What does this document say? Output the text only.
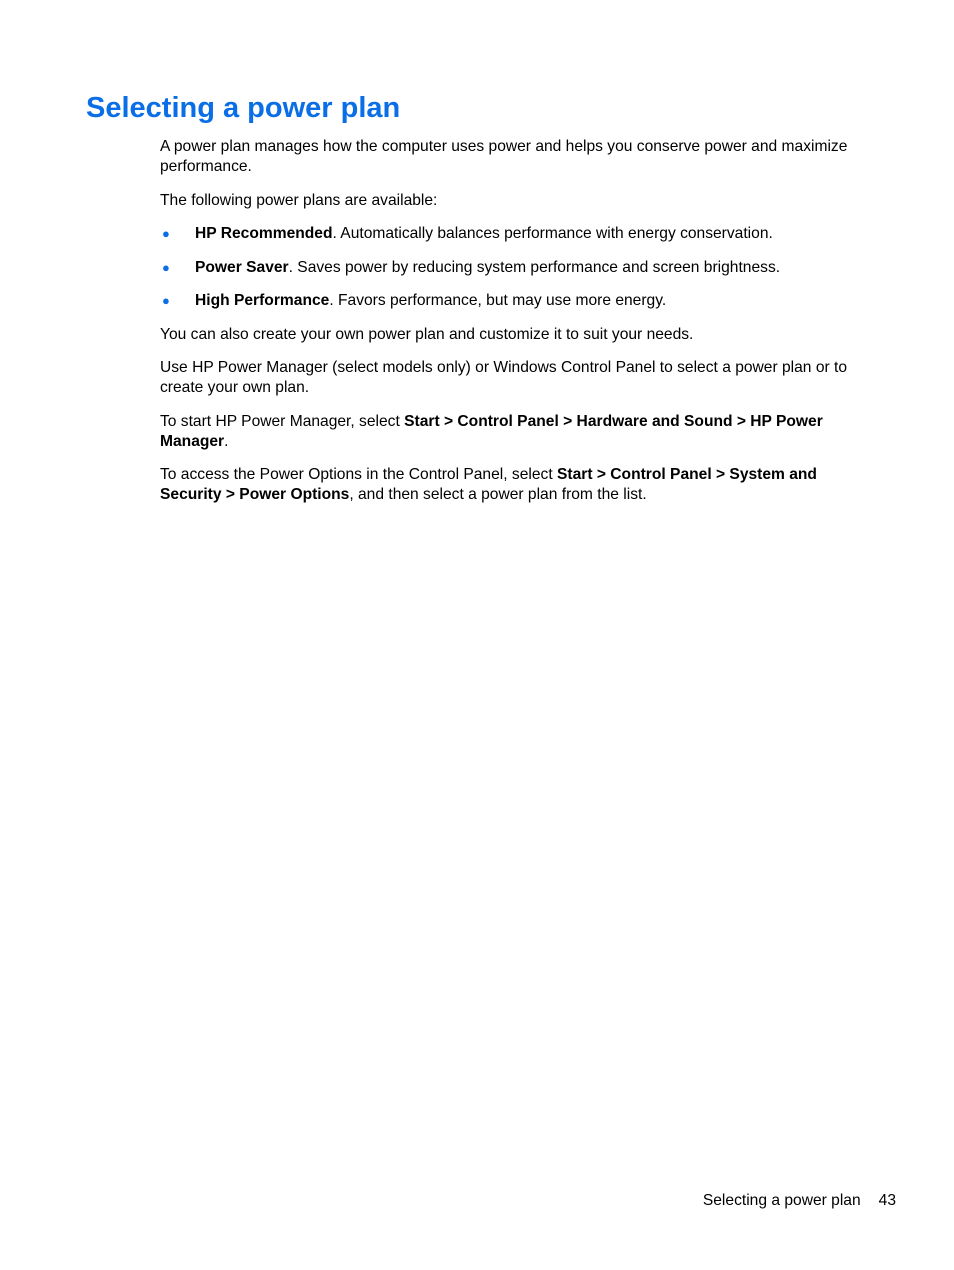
Selecting a power plan

A power plan manages how the computer uses power and helps you conserve power and maximize performance.

The following power plans are available:

● HP Recommended. Automatically balances performance with energy conservation.
● Power Saver. Saves power by reducing system performance and screen brightness.
● High Performance. Favors performance, but may use more energy.

You can also create your own power plan and customize it to suit your needs.

Use HP Power Manager (select models only) or Windows Control Panel to select a power plan or to create your own plan.

To start HP Power Manager, select Start > Control Panel > Hardware and Sound > HP Power Manager.

To access the Power Options in the Control Panel, select Start > Control Panel > System and Security > Power Options, and then select a power plan from the list.

Selecting a power plan 43
